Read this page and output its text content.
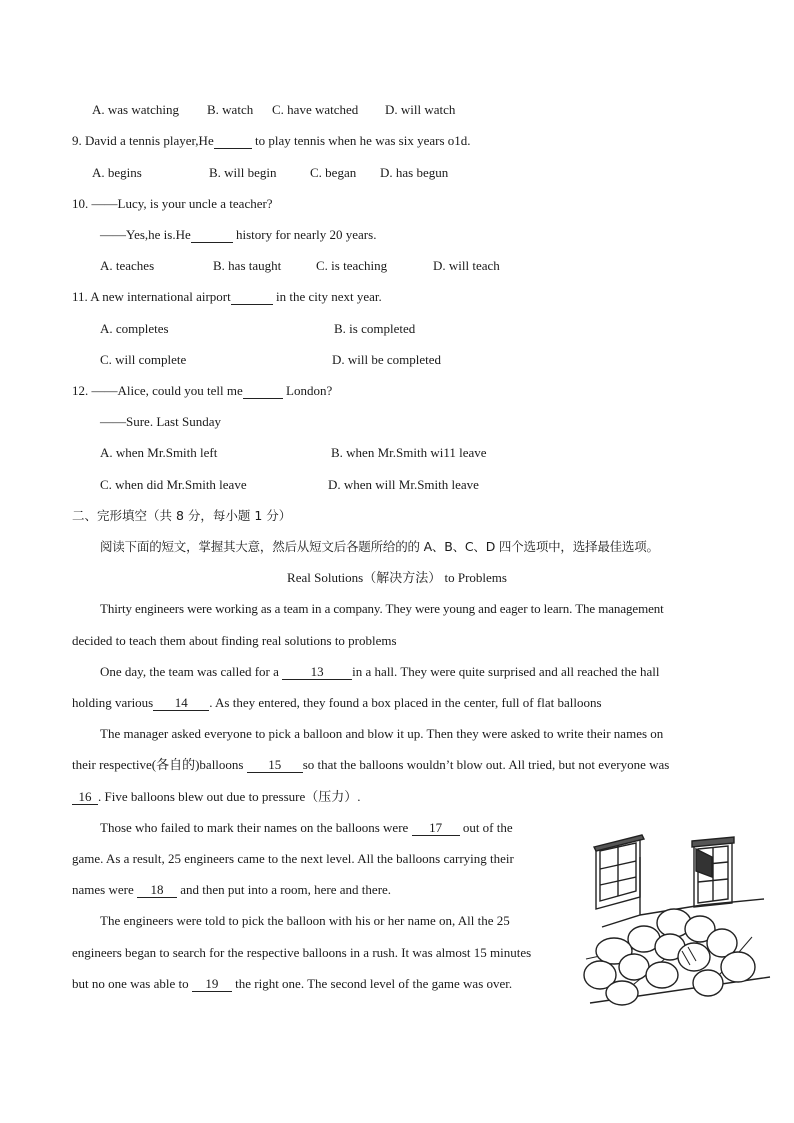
A. was watching B. watch C. have watched D. will watch
9. David a tennis player,He	to play tennis when he was six years o1d.
A. begins	B. will begin	C. began D. has begun
10. ——Lucy, is your uncle a teacher?
——Yes,he is.He	history for nearly 20 years.
A. teaches	B. has taught	C. is teaching	D. will teach
11. A new international airport	in the city next year.
A. completes	B. is completed
C. will complete	D. will be completed
12. ——Alice, could you tell me	London?
——Sure. Last Sunday
A. when Mr.Smith left	B. when Mr.Smith wi11 leave
C. when did Mr.Smith leave	D. when will Mr.Smith leave
二、完形填空（共 8 分，每小题 1 分）
阅读下面的短文，掌握其大意，然后从短文后各题所给的的 A、B、C、D 四个选项中，选择最佳选项。
Real Solutions（解决方法） to Problems
Thirty engineers were working as a team in a company. They were young and eager to learn. The management
decided to teach them about finding real solutions to problems
One day, the team was called for a 13 in a hall. They were quite surprised and all reached the hall
holding various 14 . As they entered, they found a box placed in the center, full of flat balloons
The manager asked everyone to pick a balloon and blow it up. Then they were asked to write their names on
their respective(各自的)balloons 15 so that the balloons wouldn’t blow out. All tried, but not everyone was
16 . Five balloons blew out due to pressure（压力）.
Those who failed to mark their names on the balloons were 17 out of the
game. As a result, 25 engineers came to the next level. All the balloons carrying their
names were 18 and then put into a room, here and there.
The engineers were told to pick the balloon with his or her name on, All the 25
engineers began to search for the respective balloons in a rush. It was almost 15 minutes
but no one was able to 19 the right one. The second level of the game was over.
